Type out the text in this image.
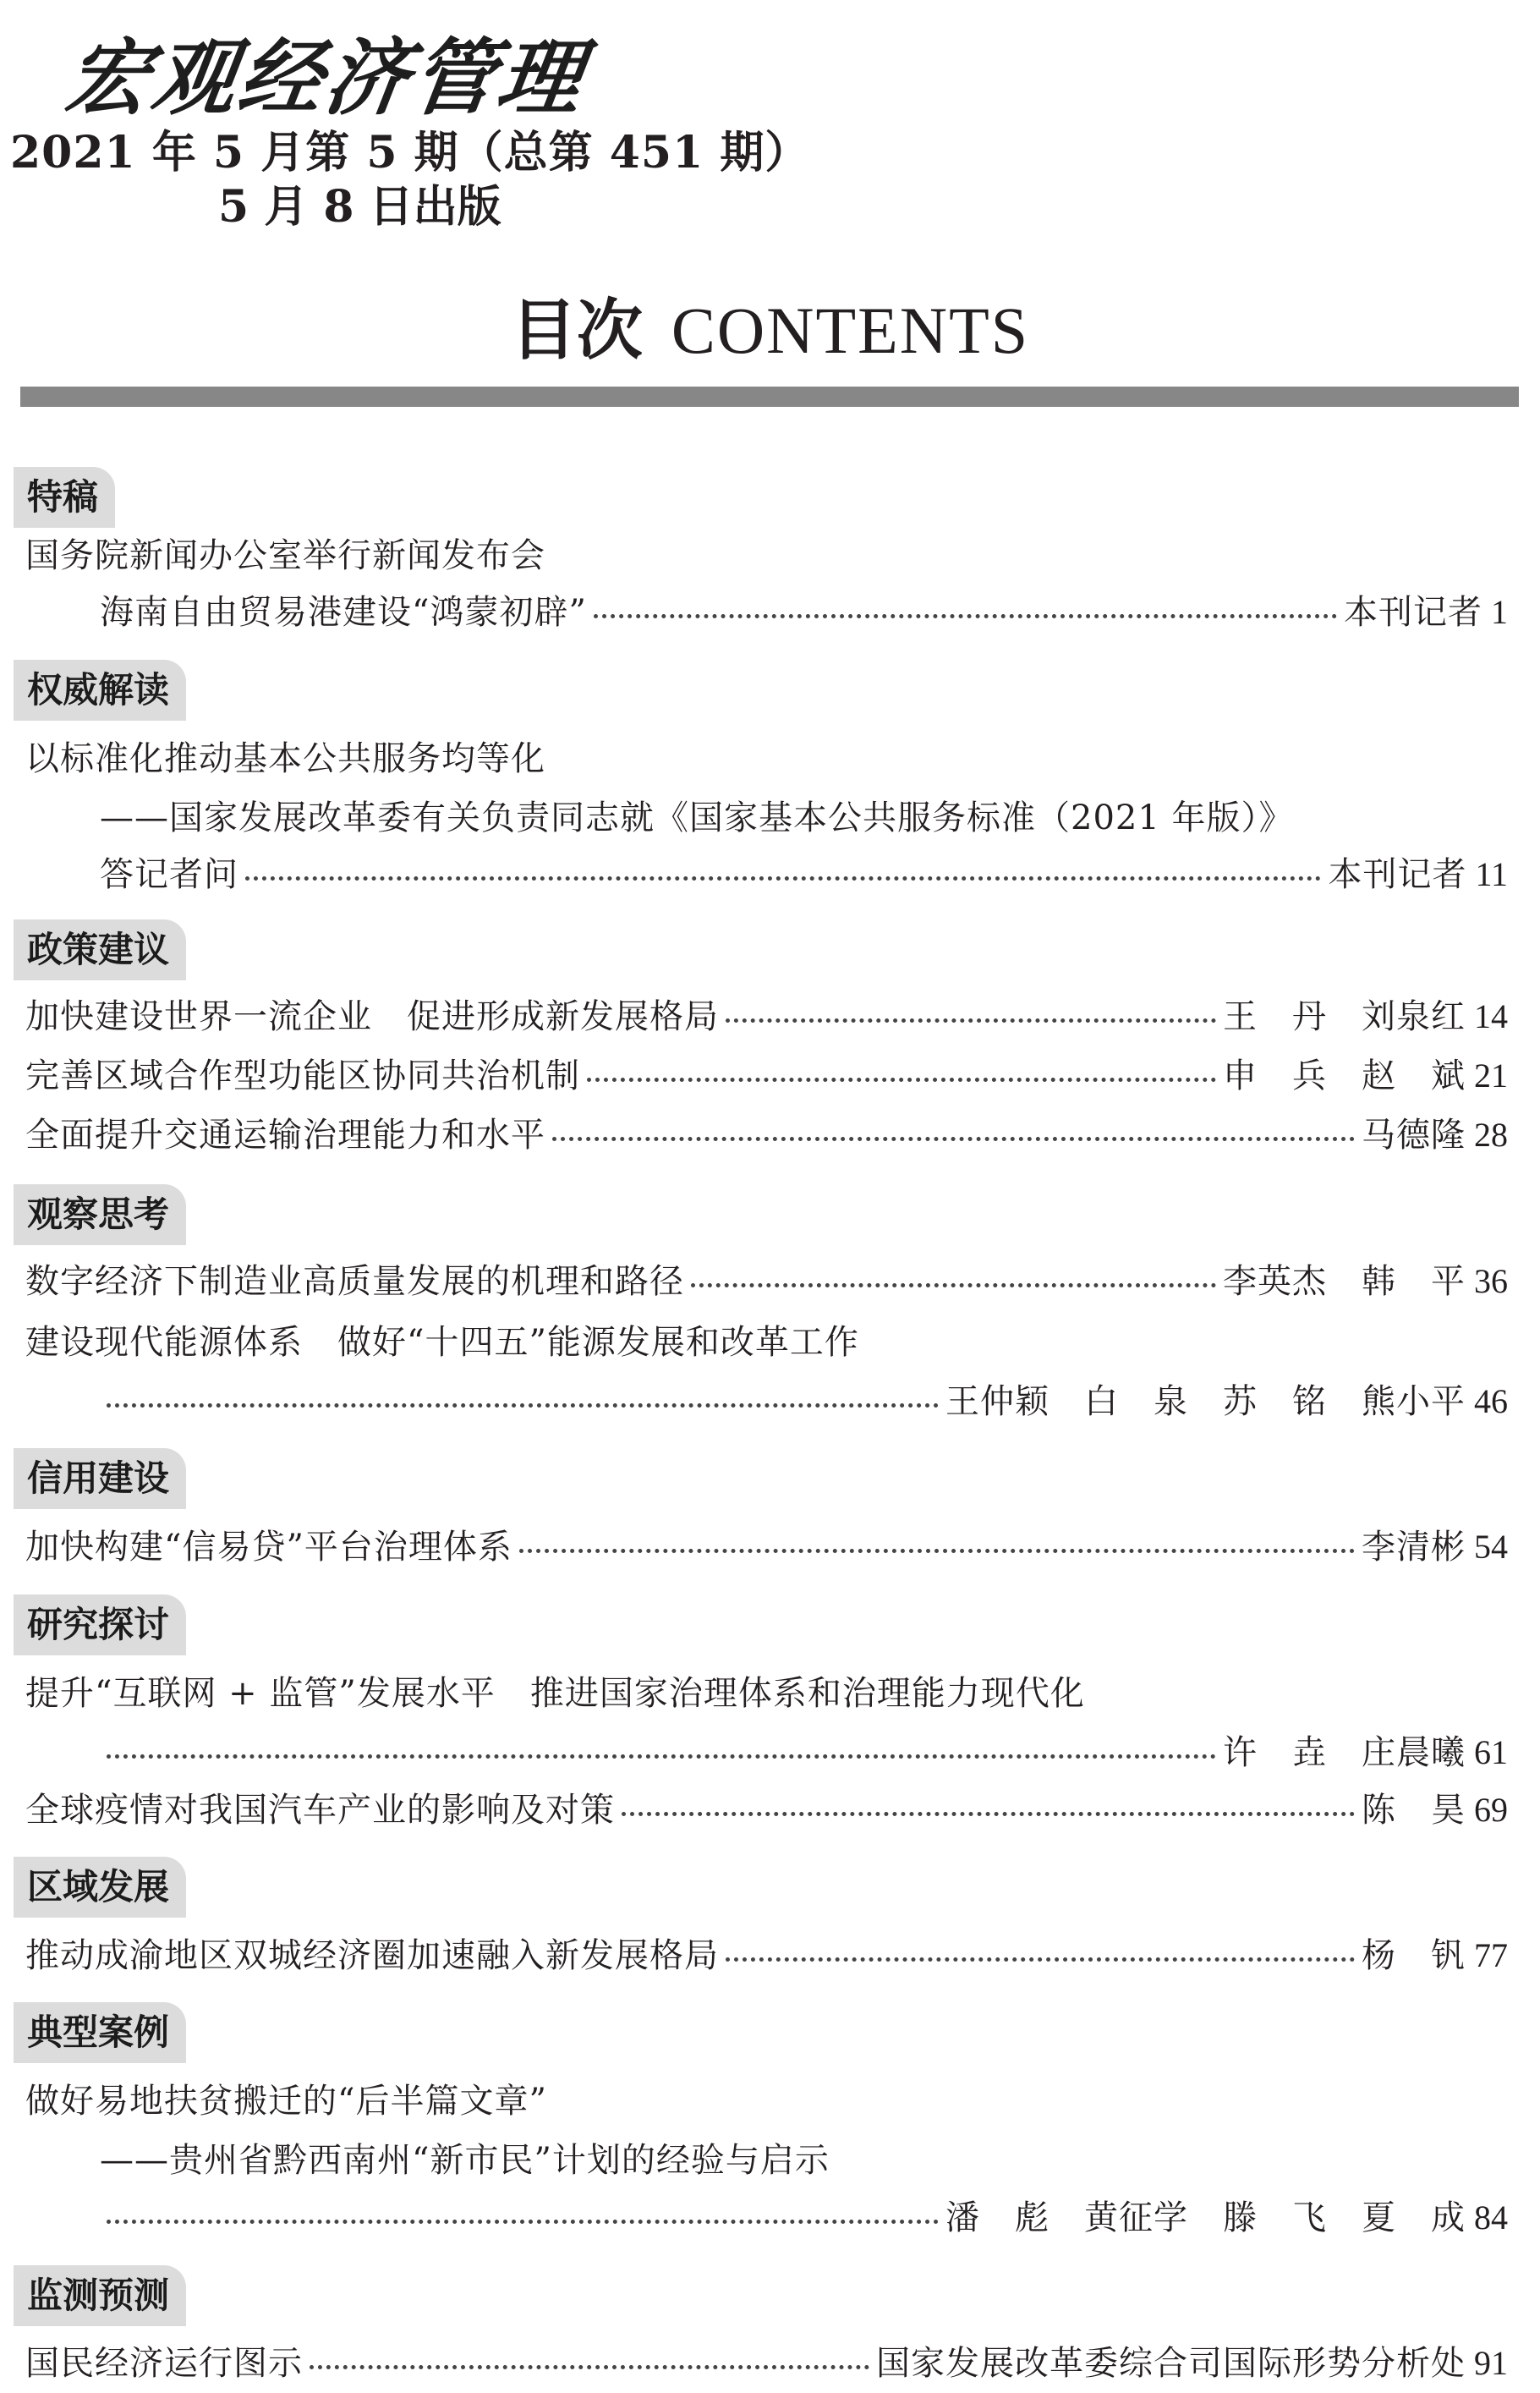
宏观经济管理
2021 年 5 月第 5 期（总第 451 期）
5 月 8 日出版
目次 CONTENTS
特稿
国务院新闻办公室举行新闻发布会
海南自由贸易港建设“鸿蒙初辟”	本刊记者 1
权威解读
以标准化推动基本公共服务均等化
——国家发展改革委有关负责同志就《国家基本公共服务标准（2021 年版）》
答记者问	本刊记者 11
政策建议
加快建设世界一流企业　促进形成新发展格局	王　丹　刘泉红 14
完善区域合作型功能区协同共治机制	申　兵　赵　斌 21
全面提升交通运输治理能力和水平	马德隆 28
观察思考
数字经济下制造业高质量发展的机理和路径	李英杰　韩　平 36
建设现代能源体系　做好“十四五”能源发展和改革工作
王仲颖　白　泉　苏　铭　熊小平 46
信用建设
加快构建“信易贷”平台治理体系	李清彬 54
研究探讨
提升“互联网 + 监管”发展水平　推进国家治理体系和治理能力现代化
许　垚　庄晨曦 61
全球疫情对我国汽车产业的影响及对策	陈　昊 69
区域发展
推动成渝地区双城经济圈加速融入新发展格局	杨　钒 77
典型案例
做好易地扶贫搬迁的“后半篇文章”
——贵州省黔西南州“新市民”计划的经验与启示
潘　彪　黄征学　滕　飞　夏　成 84
监测预测
国民经济运行图示	国家发展改革委综合司国际形势分析处 91
